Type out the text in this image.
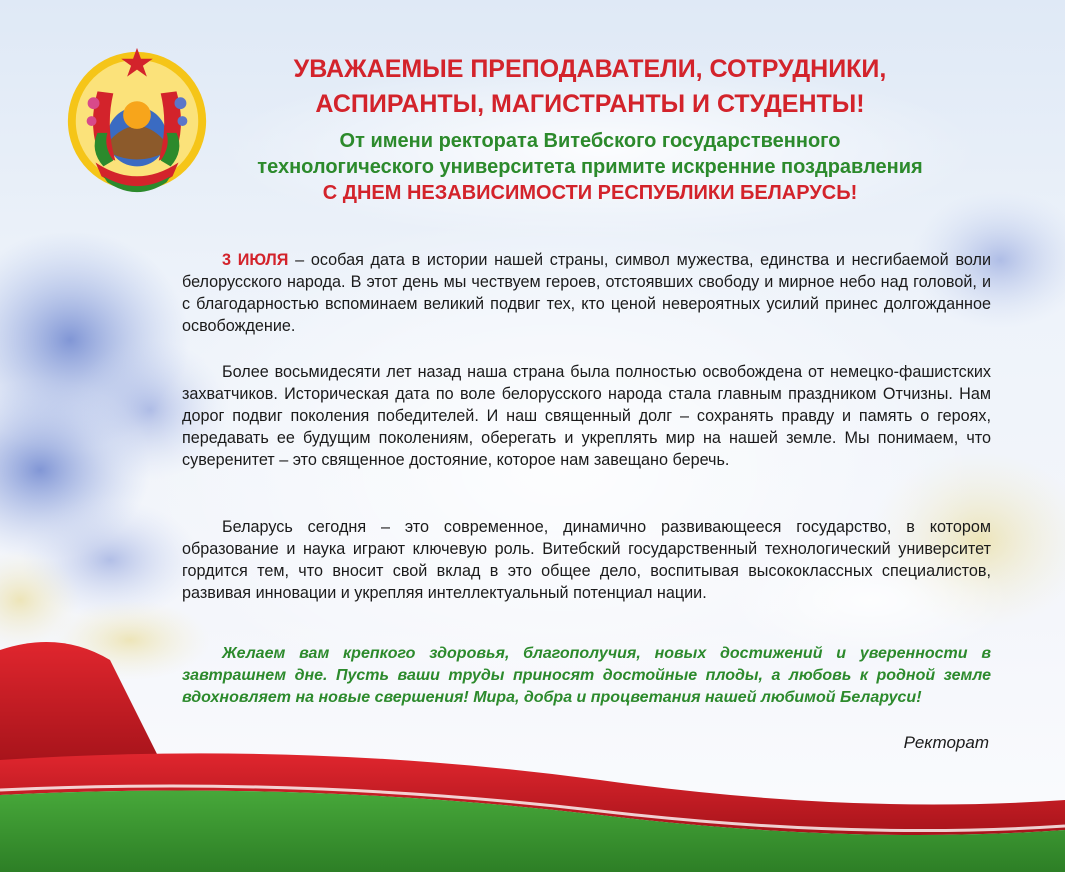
УВАЖАЕМЫЕ ПРЕПОДАВАТЕЛИ, СОТРУДНИКИ,
АСПИРАНТЫ, МАГИСТРАНТЫ И СТУДЕНТЫ!
От имени ректората Витебского государственного
технологического университета примите искренние поздравления
С ДНЕМ НЕЗАВИСИМОСТИ РЕСПУБЛИКИ БЕЛАРУСЬ!

3 ИЮЛЯ – особая дата в истории нашей страны, символ мужества, единства и несгибаемой воли белорусского народа. В этот день мы чествуем героев, отстоявших свободу и мирное небо над головой, и с благодарностью вспоминаем великий подвиг тех, кто ценой невероятных усилий принес долгожданное освобождение.

Более восьмидесяти лет назад наша страна была полностью освобождена от немецко-фашистских захватчиков. Историческая дата по воле белорусского народа стала главным праздником Отчизны. Нам дорог подвиг поколения победителей. И наш священный долг – сохранять правду и память о героях, передавать ее будущим поколениям, оберегать и укреплять мир на нашей земле. Мы понимаем, что суверенитет – это священное достояние, которое нам завещано беречь.

Беларусь сегодня – это современное, динамично развивающееся государство, в котором образование и наука играют ключевую роль. Витебский государственный технологический университет гордится тем, что вносит свой вклад в это общее дело, воспитывая высококлассных специалистов, развивая инновации и укрепляя интеллектуальный потенциал нации.

Желаем вам крепкого здоровья, благополучия, новых достижений и уверенности в завтрашнем дне. Пусть ваши труды приносят достойные плоды, а любовь к родной земле вдохновляет на новые свершения! Мира, добра и процветания нашей любимой Беларуси!

Ректорат
